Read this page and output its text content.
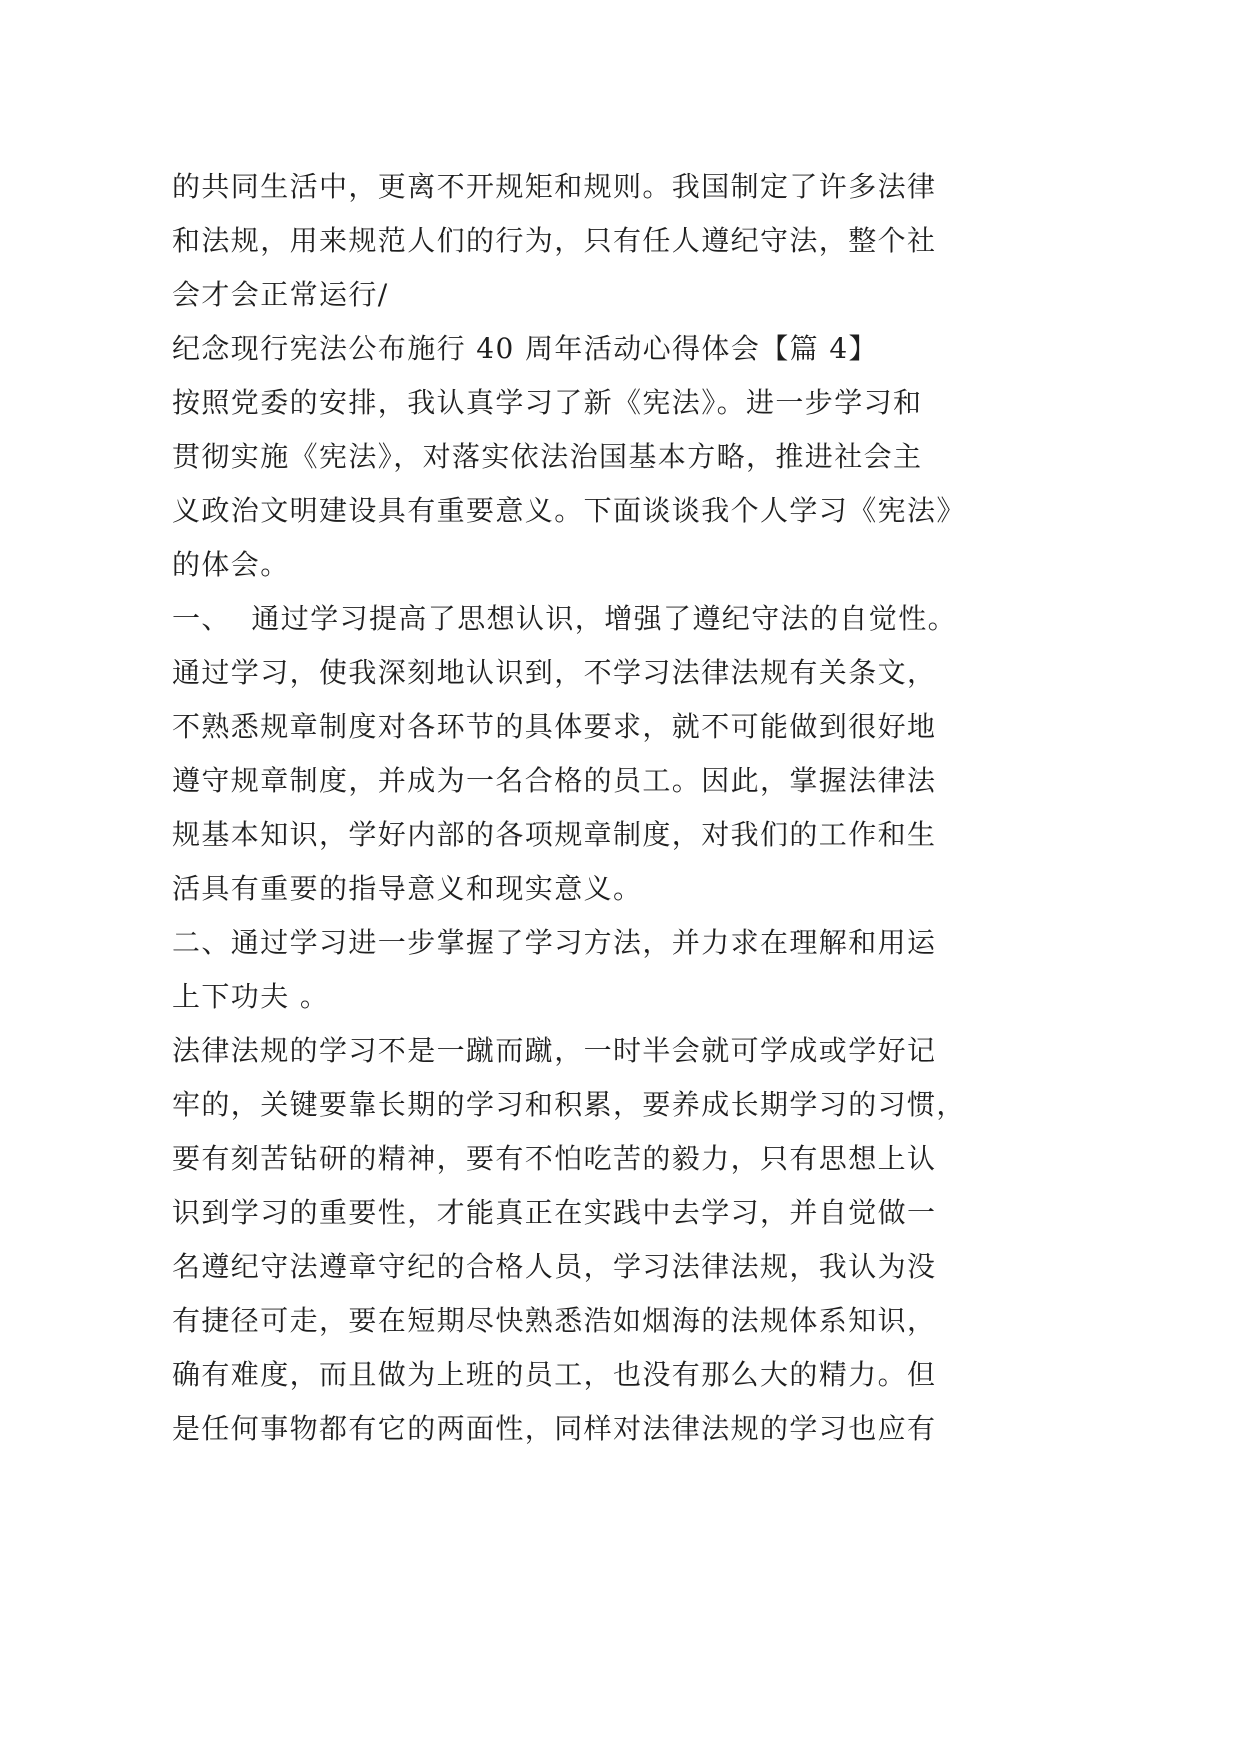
的共同生活中，更离不开规矩和规则。我国制定了许多法律
和法规，用来规范人们的行为，只有任人遵纪守法，整个社
会才会正常运行/
纪念现行宪法公布施行 40 周年活动心得体会【篇 4】
按照党委的安排，我认真学习了新《宪法》。进一步学习和
贯彻实施《宪法》，对落实依法治国基本方略，推进社会主
义政治文明建设具有重要意义。下面谈谈我个人学习《宪法》
的体会。
一、  通过学习提高了思想认识，增强了遵纪守法的自觉性。
通过学习，使我深刻地认识到，不学习法律法规有关条文，
不熟悉规章制度对各环节的具体要求，就不可能做到很好地
遵守规章制度，并成为一名合格的员工。因此，掌握法律法
规基本知识，学好内部的各项规章制度，对我们的工作和生
活具有重要的指导意义和现实意义。
二、通过学习进一步掌握了学习方法，并力求在理解和用运
上下功夫 。
法律法规的学习不是一蹴而蹴，一时半会就可学成或学好记
牢的，关键要靠长期的学习和积累，要养成长期学习的习惯，
要有刻苦钻研的精神，要有不怕吃苦的毅力，只有思想上认
识到学习的重要性，才能真正在实践中去学习，并自觉做一
名遵纪守法遵章守纪的合格人员，学习法律法规，我认为没
有捷径可走，要在短期尽快熟悉浩如烟海的法规体系知识，
确有难度，而且做为上班的员工，也没有那么大的精力。但
是任何事物都有它的两面性，同样对法律法规的学习也应有
